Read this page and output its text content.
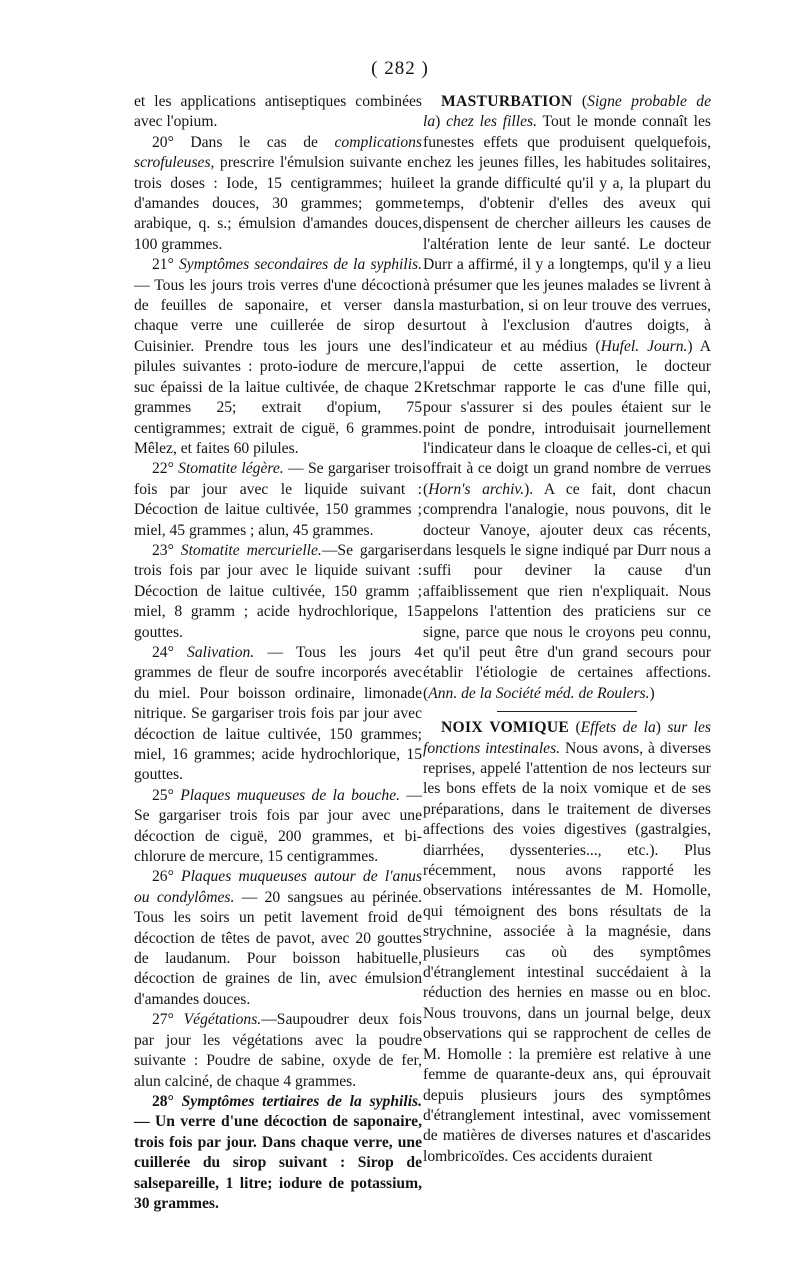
( 282 )

et les applications antiseptiques combinées avec l'opium.

20° Dans le cas de complications scrofuleuses, prescrire l'émulsion suivante en trois doses : Iode, 15 centigrammes; huile d'amandes douces, 30 grammes; gomme arabique, q. s.; émulsion d'amandes douces, 100 grammes.

21° Symptômes secondaires de la syphilis. — Tous les jours trois verres d'une décoction de feuilles de saponaire, et verser dans chaque verre une cuillerée de sirop de Cuisinier. Prendre tous les jours une des pilules suivantes : proto-iodure de mercure, suc épaissi de la laitue cultivée, de chaque 2 grammes 25; extrait d'opium, 75 centigrammes; extrait de ciguë, 6 grammes. Mêlez, et faites 60 pilules.

22° Stomatite légère. — Se gargariser trois fois par jour avec le liquide suivant : Décoction de laitue cultivée, 150 grammes ; miel, 45 grammes ; alun, 45 grammes.

23° Stomatite mercurielle.—Se gargariser trois fois par jour avec le liquide suivant : Décoction de laitue cultivée, 150 gramm ; miel, 8 gramm ; acide hydrochlorique, 15 gouttes.

24° Salivation. — Tous les jours 4 grammes de fleur de soufre incorporés avec du miel. Pour boisson ordinaire, limonade nitrique. Se gargariser trois fois par jour avec décoction de laitue cultivée, 150 grammes; miel, 16 grammes; acide hydrochlorique, 15 gouttes.

25° Plaques muqueuses de la bouche. — Se gargariser trois fois par jour avec une décoction de ciguë, 200 grammes, et bi-chlorure de mercure, 15 centigrammes.

26° Plaques muqueuses autour de l'anus ou condylômes. — 20 sangsues au périnée. Tous les soirs un petit lavement froid de décoction de têtes de pavot, avec 20 gouttes de laudanum. Pour boisson habituelle, décoction de graines de lin, avec émulsion d'amandes douces.

27° Végétations.—Saupoudrer deux fois par jour les végétations avec la poudre suivante : Poudre de sabine, oxyde de fer, alun calciné, de chaque 4 grammes.

28° Symptômes tertiaires de la syphilis. — Un verre d'une décoction de saponaire, trois fois par jour. Dans chaque verre, une cuillerée du sirop suivant : Sirop de salsepareille, 1 litre; iodure de potassium, 30 grammes.

MASTURBATION (Signe probable de la) chez les filles. Tout le monde connaît les funestes effets que produisent quelquefois, chez les jeunes filles, les habitudes solitaires, et la grande difficulté qu'il y a, la plupart du temps, d'obtenir d'elles des aveux qui dispensent de chercher ailleurs les causes de l'altération lente de leur santé. Le docteur Durr a affirmé, il y a longtemps, qu'il y a lieu à présumer que les jeunes malades se livrent à la masturbation, si on leur trouve des verrues, surtout à l'exclusion d'autres doigts, à l'indicateur et au médius (Hufel. Journ.) A l'appui de cette assertion, le docteur Kretschmar rapporte le cas d'une fille qui, pour s'assurer si des poules étaient sur le point de pondre, introduisait journellement l'indicateur dans le cloaque de celles-ci, et qui offrait à ce doigt un grand nombre de verrues (Horn's archiv.). A ce fait, dont chacun comprendra l'analogie, nous pouvons, dit le docteur Vanoye, ajouter deux cas récents, dans lesquels le signe indiqué par Durr nous a suffi pour deviner la cause d'un affaiblissement que rien n'expliquait. Nous appelons l'attention des praticiens sur ce signe, parce que nous le croyons peu connu, et qu'il peut être d'un grand secours pour établir l'étiologie de certaines affections. (Ann. de la Société méd. de Roulers.)

NOIX VOMIQUE (Effets de la) sur les fonctions intestinales. Nous avons, à diverses reprises, appelé l'attention de nos lecteurs sur les bons effets de la noix vomique et de ses préparations, dans le traitement de diverses affections des voies digestives (gastralgies, diarrhées, dyssenteries..., etc.). Plus récemment, nous avons rapporté les observations intéressantes de M. Homolle, qui témoignent des bons résultats de la strychnine, associée à la magnésie, dans plusieurs cas où des symptômes d'étranglement intestinal succédaient à la réduction des hernies en masse ou en bloc. Nous trouvons, dans un journal belge, deux observations qui se rapprochent de celles de M. Homolle : la première est relative à une femme de quarante-deux ans, qui éprouvait depuis plusieurs jours des symptômes d'étranglement intestinal, avec vomissement de matières de diverses natures et d'ascarides lombricoïdes. Ces accidents duraient
